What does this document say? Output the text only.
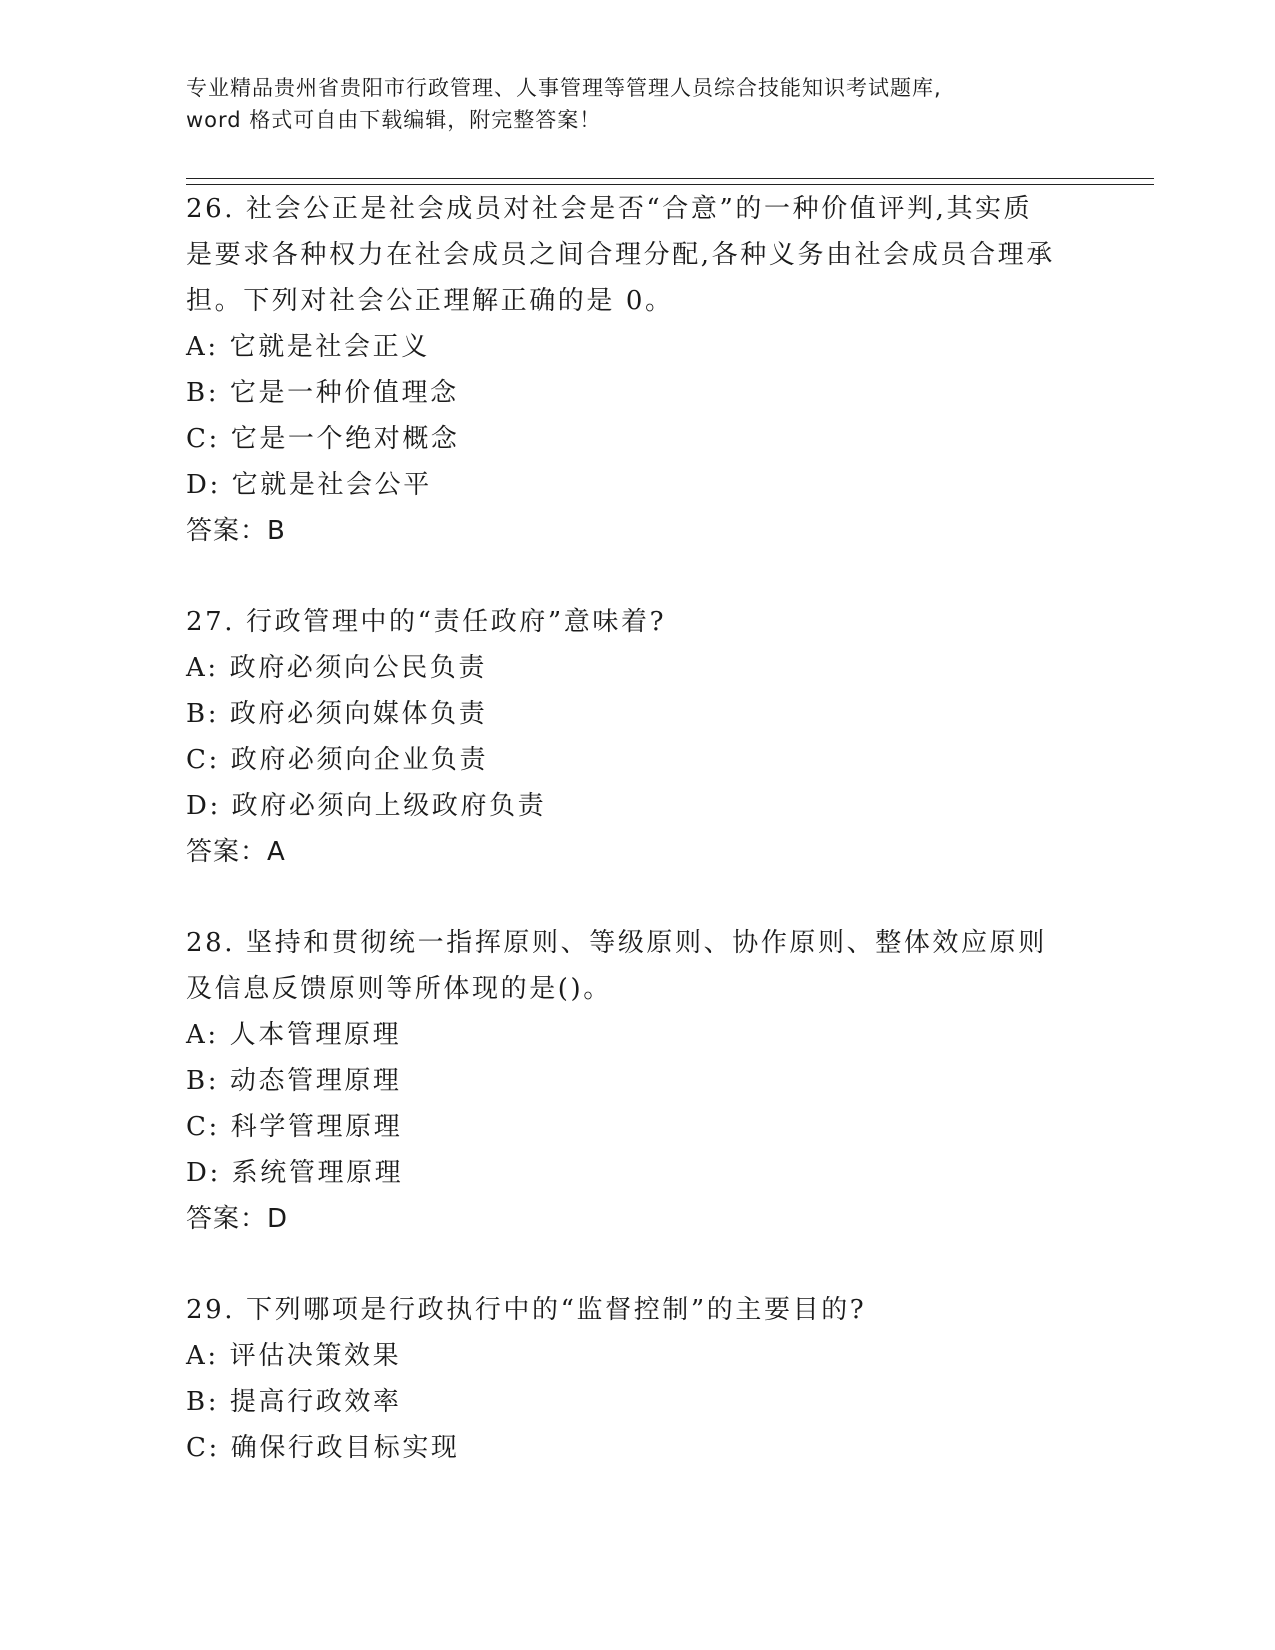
专业精品贵州省贵阳市行政管理、人事管理等管理人员综合技能知识考试题库,
word 格式可自由下载编辑，附完整答案！
26. 社会公正是社会成员对社会是否“合意”的一种价值评判,其实质
是要求各种权力在社会成员之间合理分配,各种义务由社会成员合理承
担。下列对社会公正理解正确的是 0。
A: 它就是社会正义
B: 它是一种价值理念
C: 它是一个绝对概念
D: 它就是社会公平
答案：B
27. 行政管理中的“责任政府”意味着?
A: 政府必须向公民负责
B: 政府必须向媒体负责
C: 政府必须向企业负责
D: 政府必须向上级政府负责
答案：A
28. 坚持和贯彻统一指挥原则、等级原则、协作原则、整体效应原则
及信息反馈原则等所体现的是()。
A: 人本管理原理
B: 动态管理原理
C: 科学管理原理
D: 系统管理原理
答案：D
29. 下列哪项是行政执行中的“监督控制”的主要目的?
A: 评估决策效果
B: 提高行政效率
C: 确保行政目标实现
